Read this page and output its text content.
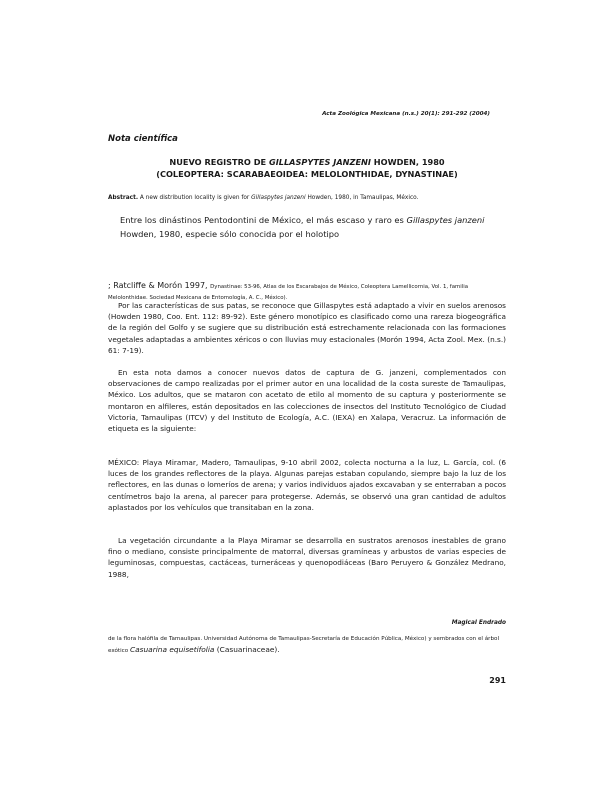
Acta Zoológica Mexicana (n.s.) 20(1): 291-292 (2004)

Nota científica

NUEVO REGISTRO DE GILLASPYTES JANZENI HOWDEN, 1980
(COLEOPTERA: SCARABAEOIDEA: MELOLONTHIDAE, DYNASTINAE)

Abstract. A new distribution locality is given for Gillaspytes janzeni Howden, 1980, in Tamaulipas, México.

Entre los dinástinos Pentodontini de México, el más escaso y raro es Gillaspytes janzeni
Howden, 1980, especie sólo conocida por el holotipo

; Ratcliffe & Morón 1997, Dynastinae: 53-96, Atlas de los Escarabajos de México, Coleoptera Lamellicornia, Vol. 1, familia Melolonthidae. Sociedad Mexicana de Entomología, A. C., México).

Por las características de sus patas, se reconoce que Gillaspytes está adaptado a vivir en suelos arenosos (Howden 1980, Coo. Ent. 112: 89-92). Este género monotípico es clasificado como una rareza biogeográfica de la región del Golfo y se sugiere que su distribución está estrechamente relacionada con las formaciones vegetales adaptadas a ambientes xéricos o con lluvias muy estacionales (Morón 1994, Acta Zool. Mex. (n.s.) 61: 7-19).

En esta nota damos a conocer nuevos datos de captura de G. janzeni, complementados con observaciones de campo realizadas por el primer autor en una localidad de la costa sureste de Tamaulipas, México. Los adultos, que se mataron con acetato de etilo al momento de su captura y posteriormente se montaron en alfileres, están depositados en las colecciones de insectos del Instituto Tecnológico de Ciudad Victoria, Tamaulipas (ITCV) y del Instituto de Ecología, A.C. (IEXA) en Xalapa, Veracruz. La información de etiqueta es la siguiente:

MÉXICO: Playa Miramar, Madero, Tamaulipas, 9-10 abril 2002, colecta nocturna a la luz, L. García, col. (6 luces de los grandes reflectores de la playa. Algunas parejas estaban copulando, siempre bajo la luz de los reflectores, en las dunas o lomeríos de arena; y varios individuos ajados excavaban y se enterraban a pocos centímetros bajo la arena, al parecer para protegerse. Además, se observó una gran cantidad de adultos aplastados por los vehículos que transitaban en la zona.

La vegetación circundante a la Playa Miramar se desarrolla en sustratos arenosos inestables de grano fino o mediano, consiste principalmente de matorral, diversas gramíneas y arbustos de varias especies de leguminosas, compuestas, cactáceas, turneráceas y quenopodiáceas (Baro Peruyero & González Medrano, 1988,

Magical Endrado

de la flora halófila de Tamaulipas. Universidad Autónoma de Tamaulipas-Secretaría de Educación Pública, México) y sembrados con el árbol exótico Casuarina equisetifolia (Casuarinaceae).

291
